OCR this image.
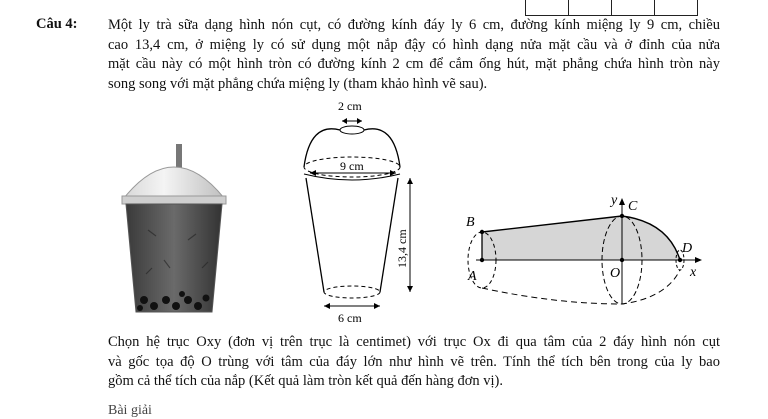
Câu 4: Một ly trà sữa dạng hình nón cụt, có đường kính đáy ly 6 cm, đường kính miệng ly 9 cm, chiều
cao 13,4 cm, ở miệng ly có sử dụng một nắp đậy có hình dạng nửa mặt cầu và ở đỉnh của nửa
mặt cầu này có một hình tròn có đường kính 2 cm để cắm ống hút, mặt phẳng chứa hình tròn này
song song với mặt phẳng chứa miệng ly (tham khảo hình vẽ sau).
2 cm
9 cm
6 cm
13,4 cm
y
x
O
B
A
C
D
Chọn hệ trục Oxy (đơn vị trên trục là centimet) với trục Ox đi qua tâm của 2 đáy hình nón cụt
và gốc tọa độ O trùng với tâm của đáy lớn như hình vẽ trên. Tính thể tích bên trong của ly bao
gồm cả thể tích của nắp (Kết quả làm tròn kết quả đến hàng đơn vị).
Bài giải
